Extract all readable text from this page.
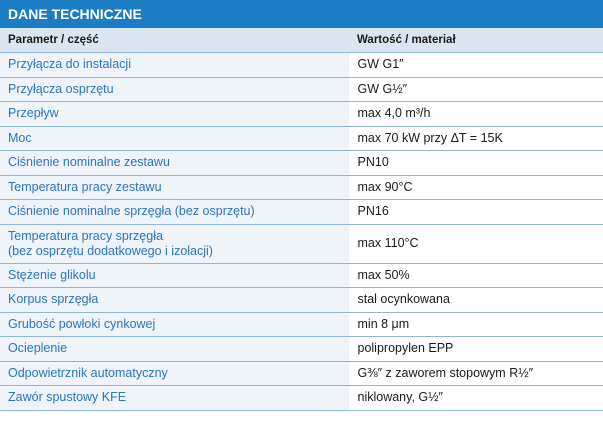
DANE TECHNICZNE
Parametr / część	Wartość / materiał
Przyłącza do instalacji	GW G1″
Przyłącza osprzętu	GW G½″
Przepływ	max 4,0 m³/h
Moc	max 70 kW przy ΔT = 15K
Ciśnienie nominalne zestawu	PN10
Temperatura pracy zestawu	max 90°C
Ciśnienie nominalne sprzęgła (bez osprzętu)	PN16

Temperatura pracy sprzęgła
(bez osprzętu dodatkowego i izolacji)	max 110°C
Stężenie glikolu	max 50%
Korpus sprzęgła	stal ocynkowana
Grubość powłoki cynkowej	min 8 μm
Ocieplenie	polipropylen EPP
Odpowietrznik automatyczny	G⅜″ z zaworem stopowym R½″
Zawór spustowy KFE	niklowany, G½″
